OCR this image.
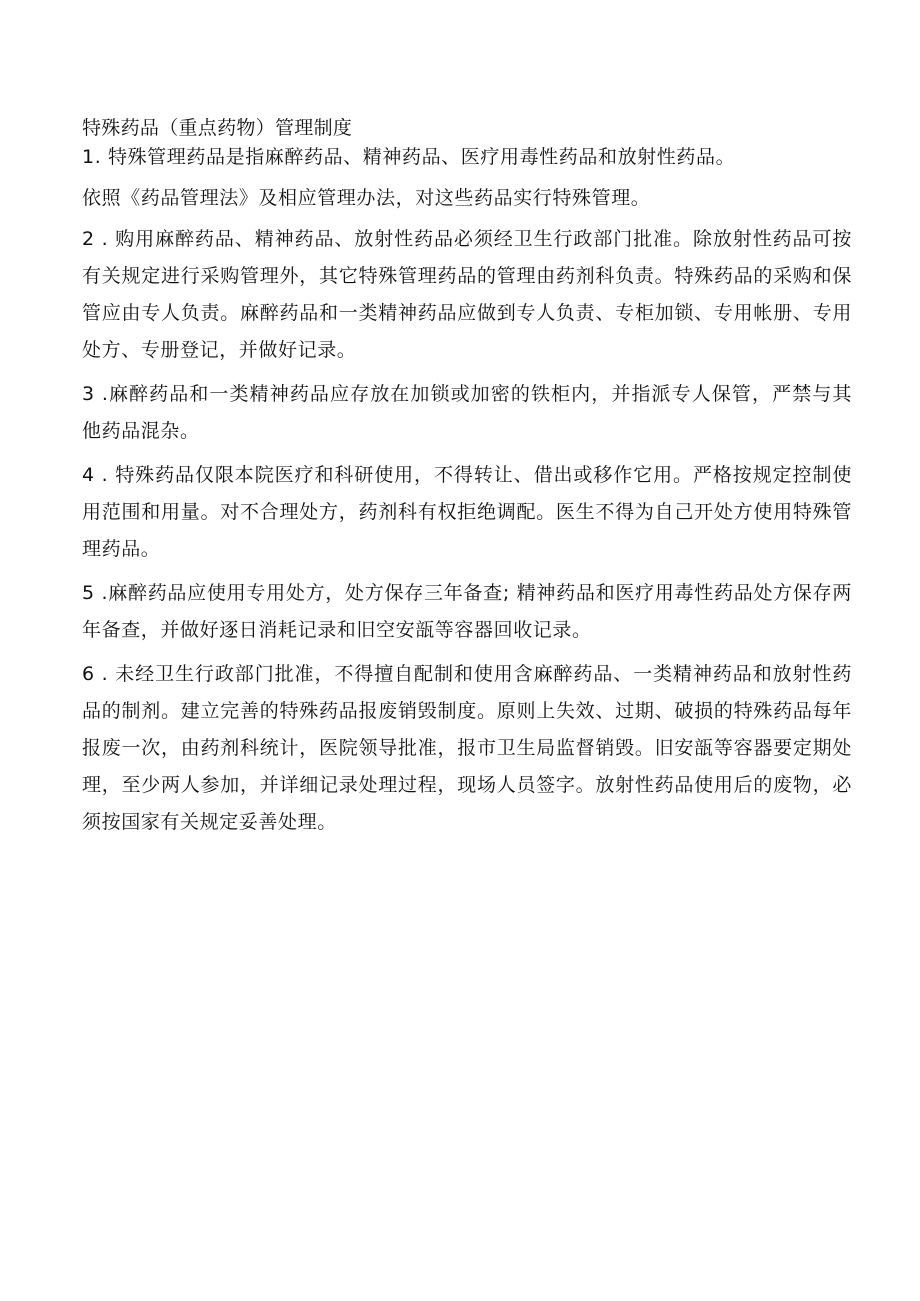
特殊药品（重点药物）管理制度

1. 特殊管理药品是指麻醉药品、精神药品、医疗用毒性药品和放射性药品。

依照《药品管理法》及相应管理办法，对这些药品实行特殊管理。

2 . 购用麻醉药品、精神药品、放射性药品必须经卫生行政部门批准。除放射性药品可按有关规定进行采购管理外，其它特殊管理药品的管理由药剂科负责。特殊药品的采购和保管应由专人负责。麻醉药品和一类精神药品应做到专人负责、专柜加锁、专用帐册、专用处方、专册登记，并做好记录。

3 .麻醉药品和一类精神药品应存放在加锁或加密的铁柜内，并指派专人保管，严禁与其他药品混杂。

4 . 特殊药品仅限本院医疗和科研使用，不得转让、借出或移作它用。严格按规定控制使用范围和用量。对不合理处方，药剂科有权拒绝调配。医生不得为自己开处方使用特殊管理药品。

5 .麻醉药品应使用专用处方，处方保存三年备查; 精神药品和医疗用毒性药品处方保存两年备查，并做好逐日消耗记录和旧空安瓿等容器回收记录。

6 . 未经卫生行政部门批准，不得擅自配制和使用含麻醉药品、一类精神药品和放射性药品的制剂。建立完善的特殊药品报废销毁制度。原则上失效、过期、破损的特殊药品每年报废一次，由药剂科统计，医院领导批准，报市卫生局监督销毁。旧安瓿等容器要定期处理，至少两人参加，并详细记录处理过程，现场人员签字。放射性药品使用后的废物，必须按国家有关规定妥善处理。
